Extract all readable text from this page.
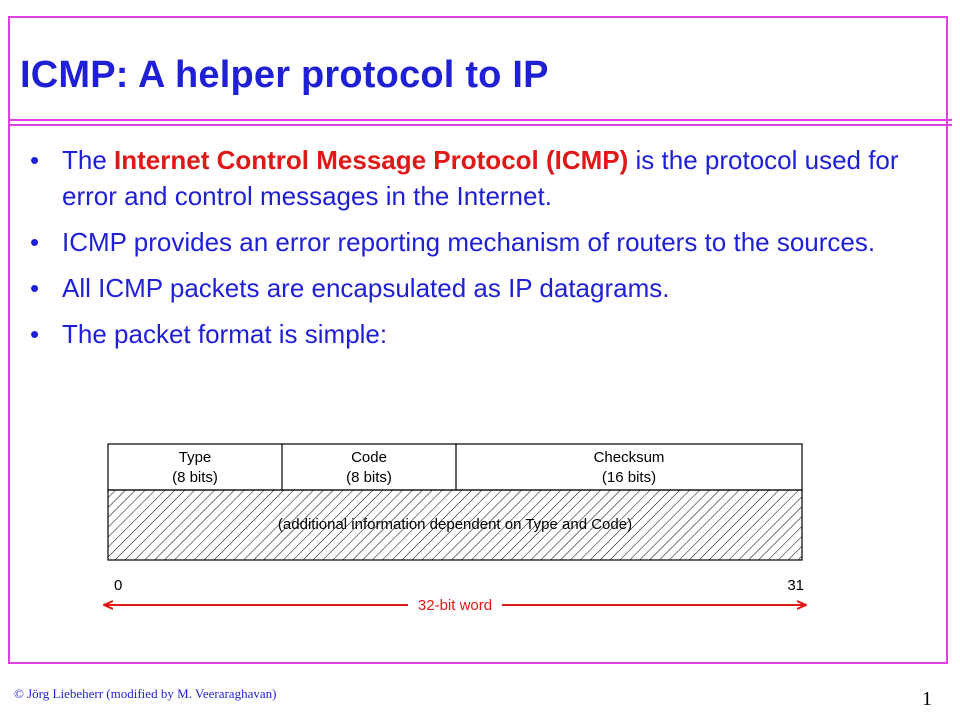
ICMP: A helper protocol to IP
• The Internet Control Message Protocol (ICMP) is the protocol used for error and control messages in the Internet.
• ICMP provides an error reporting mechanism of routers to the sources.
• All ICMP packets are encapsulated as IP datagrams.
• The packet format is simple:
Type
(8 bits)
Code
(8 bits)
Checksum
(16 bits)
(additional information dependent on Type and Code)
0	31
32-bit word
© Jörg Liebeherr (modified by M. Veeraraghavan)	1
